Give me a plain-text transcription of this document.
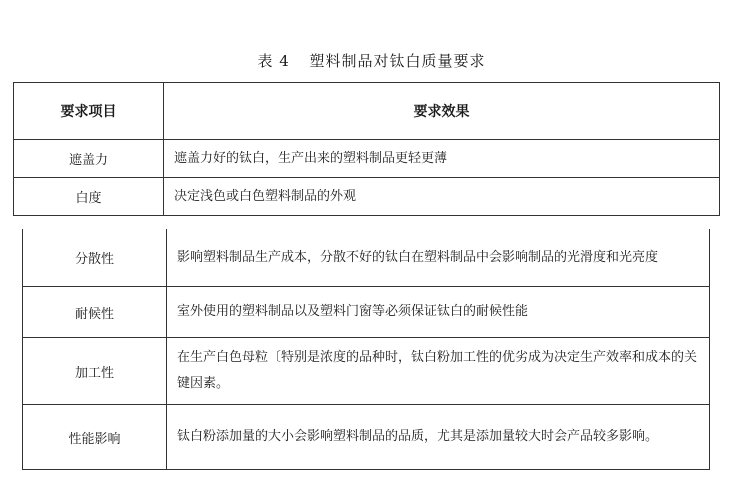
表 4 塑料制品对钛白质量要求
要求项目	要求效果
遮盖力	遮盖力好的钛白，生产出来的塑料制品更轻更薄
白度	决定浅色或白色塑料制品的外观
分散性	影响塑料制品生产成本，分散不好的钛白在塑料制品中会影响制品的光滑度和光亮度
耐候性	室外使用的塑料制品以及塑料门窗等必须保证钛白的耐候性能
加工性	在生产白色母粒〔特别是浓度的品种时，钛白粉加工性的优劣成为决定生产效率和成本的关键因素。
性能影响	钛白粉添加量的大小会影响塑料制品的品质，尤其是添加量较大时会产品较多影响。
